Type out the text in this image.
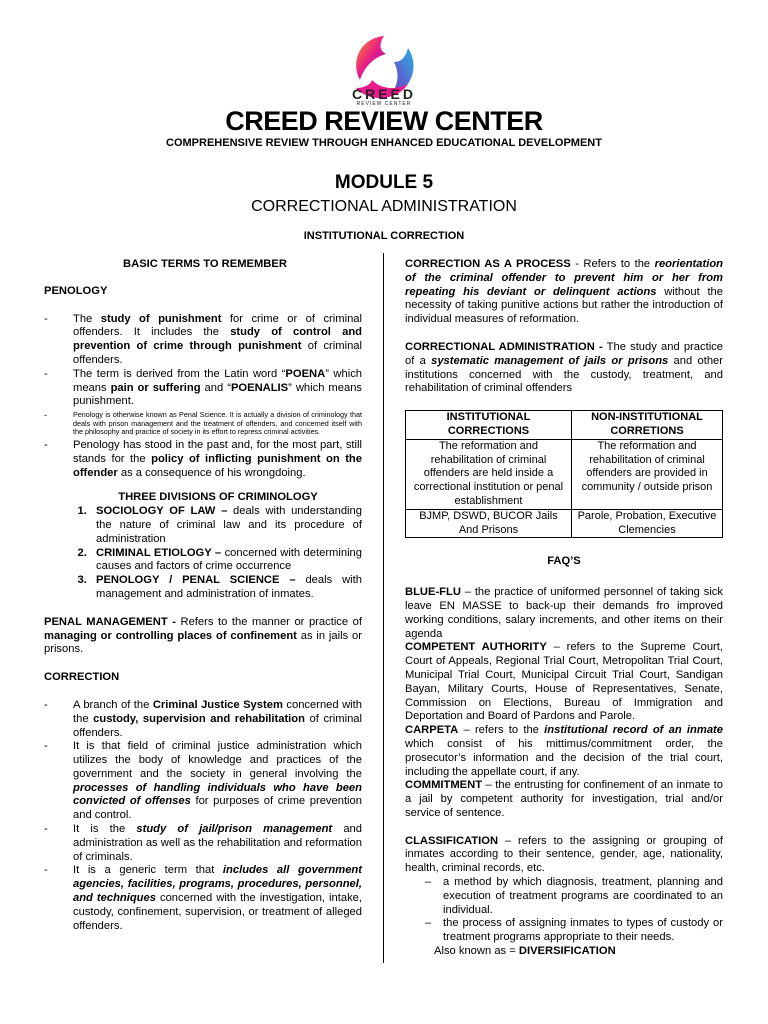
CREED
REVIEW CENTER
CREED REVIEW CENTER
COMPREHENSIVE REVIEW THROUGH ENHANCED EDUCATIONAL DEVELOPMENT
MODULE 5
CORRECTIONAL ADMINISTRATION
INSTITUTIONAL CORRECTION

BASIC TERMS TO REMEMBER

PENOLOGY

- The study of punishment for crime or of criminal offenders. It includes the study of control and prevention of crime through punishment of criminal offenders.

- The term is derived from the Latin word “POENA” which means pain or suffering and “POENALIS” which means punishment.

- Penology is otherwise known as Penal Science. It is actually a division of criminology that deals with prison management and the treatment of offenders, and concerned itself with the philosophy and practice of society in its effort to repress criminal activities.

- Penology has stood in the past and, for the most part, still stands for the policy of inflicting punishment on the offender as a consequence of his wrongdoing.

THREE DIVISIONS OF CRIMINOLOGY

1. SOCIOLOGY OF LAW – deals with understanding the nature of criminal law and its procedure of administration
2. CRIMINAL ETIOLOGY – concerned with determining causes and factors of crime occurrence
3. PENOLOGY / PENAL SCIENCE – deals with management and administration of inmates.

PENAL MANAGEMENT - Refers to the manner or practice of managing or controlling places of confinement as in jails or prisons.

CORRECTION

- A branch of the Criminal Justice System concerned with the custody, supervision and rehabilitation of criminal offenders.

- It is that field of criminal justice administration which utilizes the body of knowledge and practices of the government and the society in general involving the processes of handling individuals who have been convicted of offenses for purposes of crime prevention and control.

- It is the study of jail/prison management and administration as well as the rehabilitation and reformation of criminals.

- It is a generic term that includes all government agencies, facilities, programs, procedures, personnel, and techniques concerned with the investigation, intake, custody, confinement, supervision, or treatment of alleged offenders.

CORRECTION AS A PROCESS - Refers to the reorientation of the criminal offender to prevent him or her from repeating his deviant or delinquent actions without the necessity of taking punitive actions but rather the introduction of individual measures of reformation.

CORRECTIONAL ADMINISTRATION - The study and practice of a systematic management of jails or prisons and other institutions concerned with the custody, treatment, and rehabilitation of criminal offenders

INSTITUTIONAL CORRECTIONS	NON-INSTITUTIONAL CORRETIONS
The reformation and rehabilitation of criminal offenders are held inside a correctional institution or penal establishment	The reformation and rehabilitation of criminal offenders are provided in community / outside prison
BJMP, DSWD, BUCOR Jails And Prisons	Parole, Probation, Executive Clemencies

FAQ’S

BLUE-FLU – the practice of uniformed personnel of taking sick leave EN MASSE to back-up their demands fro improved working conditions, salary increments, and other items on their agenda

COMPETENT AUTHORITY – refers to the Supreme Court, Court of Appeals, Regional Trial Court, Metropolitan Trial Court, Municipal Trial Court, Municipal Circuit Trial Court, Sandigan Bayan, Military Courts, House of Representatives, Senate, Commission on Elections, Bureau of Immigration and Deportation and Board of Pardons and Parole.

CARPETA – refers to the institutional record of an inmate which consist of his mittimus/commitment order, the prosecutor’s information and the decision of the trial court, including the appellate court, if any.

COMMITMENT – the entrusting for confinement of an inmate to a jail by competent authority for investigation, trial and/or service of sentence.

CLASSIFICATION – refers to the assigning or grouping of inmates according to their sentence, gender, age, nationality, health, criminal records, etc.

– a method by which diagnosis, treatment, planning and execution of treatment programs are coordinated to an individual.
– the process of assigning inmates to types of custody or treatment programs appropriate to their needs.

Also known as = DIVERSIFICATION
